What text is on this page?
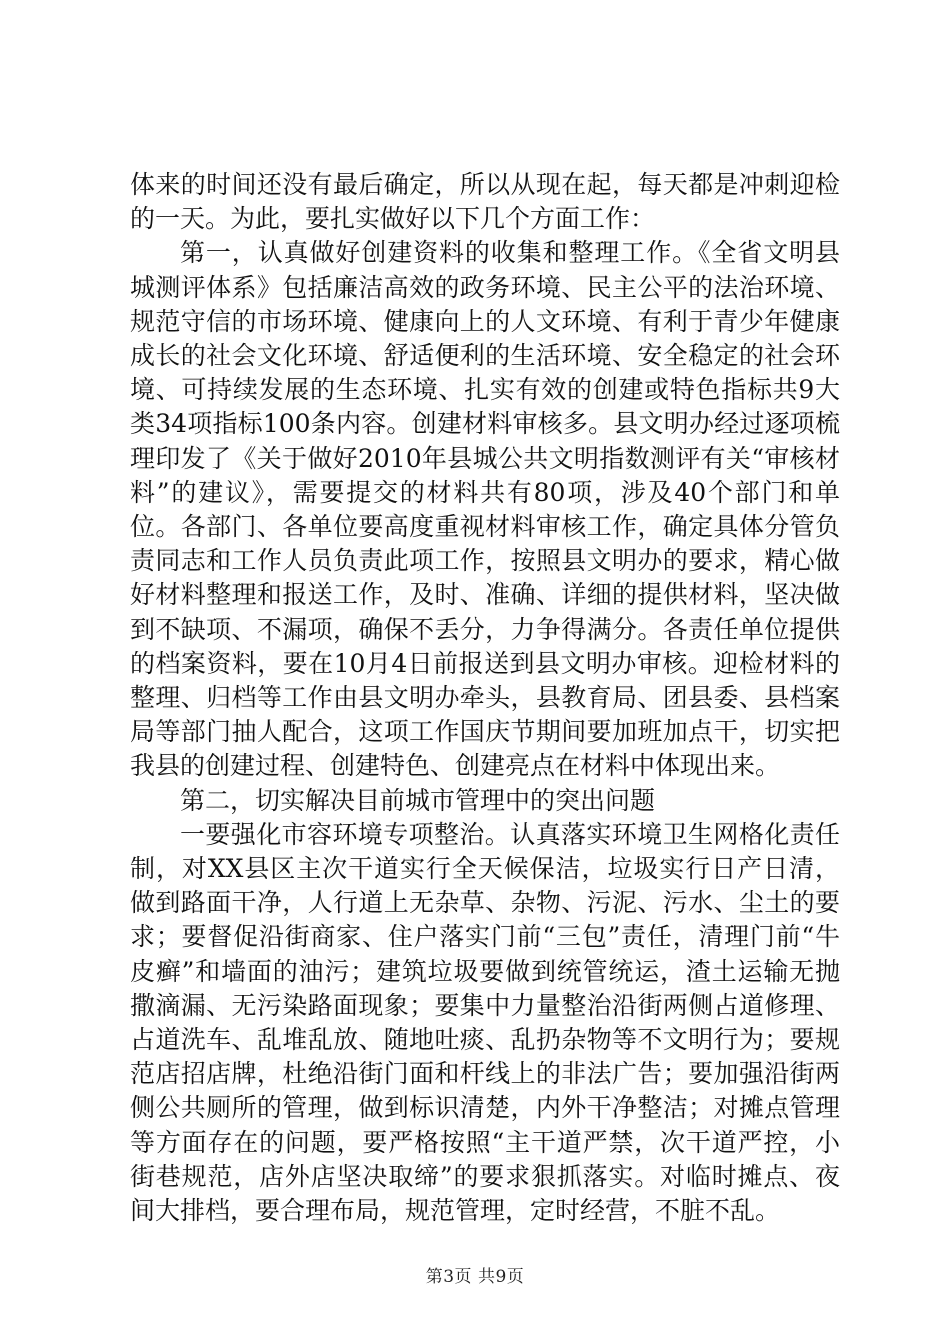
体来的时间还没有最后确定，所以从现在起，每天都是冲刺迎检的一天。为此，要扎实做好以下几个方面工作：

第一，认真做好创建资料的收集和整理工作。《全省文明县城测评体系》包括廉洁高效的政务环境、民主公平的法治环境、规范守信的市场环境、健康向上的人文环境、有利于青少年健康成长的社会文化环境、舒适便利的生活环境、安全稳定的社会环境、可持续发展的生态环境、扎实有效的创建或特色指标共9大类34项指标100条内容。创建材料审核多。县文明办经过逐项梳理印发了《关于做好2010年县城公共文明指数测评有关“审核材料”的建议》，需要提交的材料共有80项，涉及40个部门和单位。各部门、各单位要高度重视材料审核工作，确定具体分管负责同志和工作人员负责此项工作，按照县文明办的要求，精心做好材料整理和报送工作，及时、准确、详细的提供材料，坚决做到不缺项、不漏项，确保不丢分，力争得满分。各责任单位提供的档案资料，要在10月4日前报送到县文明办审核。迎检材料的整理、归档等工作由县文明办牵头，县教育局、团县委、县档案局等部门抽人配合，这项工作国庆节期间要加班加点干，切实把我县的创建过程、创建特色、创建亮点在材料中体现出来。

第二，切实解决目前城市管理中的突出问题

一要强化市容环境专项整治。认真落实环境卫生网格化责任制，对XX县区主次干道实行全天候保洁，垃圾实行日产日清，做到路面干净，人行道上无杂草、杂物、污泥、污水、尘土的要求；要督促沿街商家、住户落实门前“三包”责任，清理门前“牛皮癣”和墙面的油污；建筑垃圾要做到统管统运，渣土运输无抛撒滴漏、无污染路面现象；要集中力量整治沿街两侧占道修理、占道洗车、乱堆乱放、随地吐痰、乱扔杂物等不文明行为；要规范店招店牌，杜绝沿街门面和杆线上的非法广告；要加强沿街两侧公共厕所的管理，做到标识清楚，内外干净整洁；对摊点管理等方面存在的问题，要严格按照“主干道严禁，次干道严控，小街巷规范，店外店坚决取缔”的要求狠抓落实。对临时摊点、夜间大排档，要合理布局，规范管理，定时经营，不脏不乱。

第3页 共9页
